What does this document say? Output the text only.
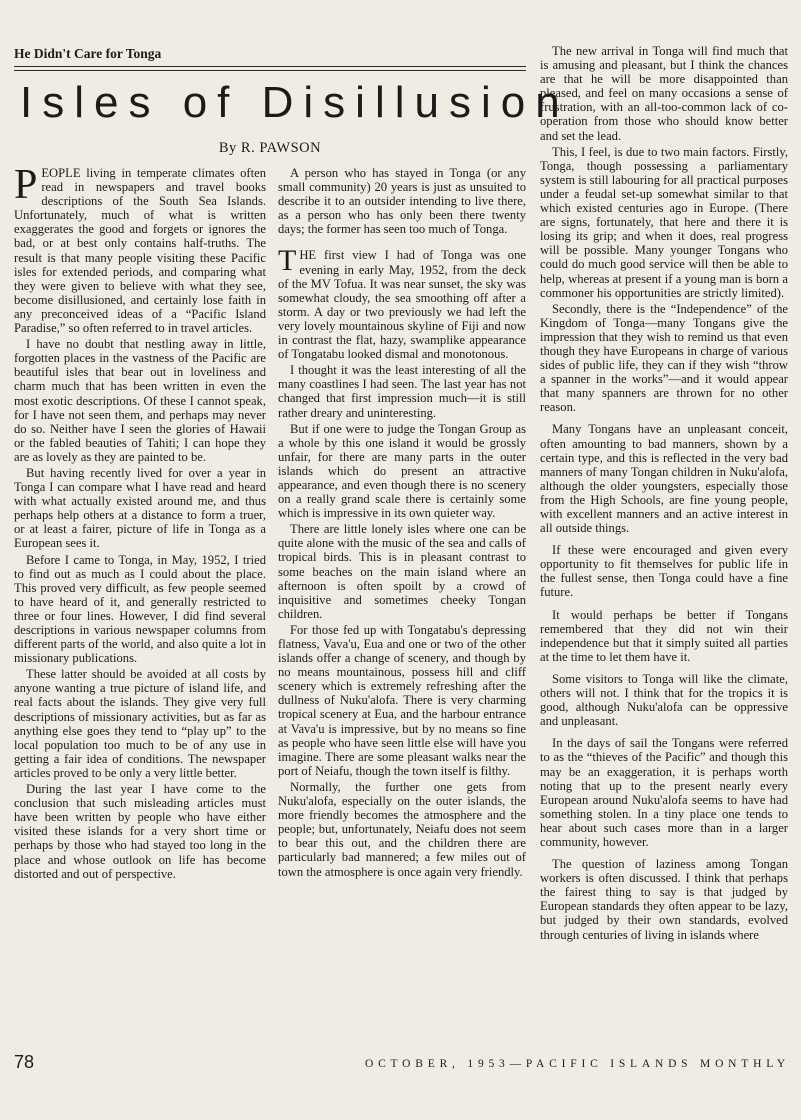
He Didn't Care for Tonga
Isles of Disillusion
By R. PAWSON

PEOPLE living in temperate climates often read in newspapers and travel books descriptions of the South Sea Islands. Unfortunately, much of what is written exaggerates the good and forgets or ignores the bad, or at best only contains half-truths. The result is that many people visiting these Pacific isles for extended periods, and comparing what they were given to believe with what they see, become disillusioned, and certainly lose faith in any preconceived ideas of a “Pacific Island Paradise,” so often referred to in travel articles.

I have no doubt that nestling away in little, forgotten places in the vastness of the Pacific are beautiful isles that bear out in loveliness and charm much that has been written in even the most exotic descriptions. Of these I cannot speak, for I have not seen them, and perhaps may never do so. Neither have I seen the glories of Hawaii or the fabled beauties of Tahiti; I can hope they are as lovely as they are painted to be.

But having recently lived for over a year in Tonga I can compare what I have read and heard with what actually existed around me, and thus perhaps help others at a distance to form a truer, or at least a fairer, picture of life in Tonga as a European sees it.

Before I came to Tonga, in May, 1952, I tried to find out as much as I could about the place. This proved very difficult, as few people seemed to have heard of it, and generally restricted to three or four lines. However, I did find several descriptions in various newspaper columns from different parts of the world, and also quite a lot in missionary publications.

These latter should be avoided at all costs by anyone wanting a true picture of island life, and real facts about the islands. They give very full descriptions of missionary activities, but as far as anything else goes they tend to “play up” to the local population too much to be of any use in getting a fair idea of conditions. The newspaper articles proved to be only a very little better.

During the last year I have come to the conclusion that such misleading articles must have been written by people who have either visited these islands for a very short time or perhaps by those who had stayed too long in the place and whose outlook on life has become distorted and out of perspective.

A person who has stayed in Tonga (or any small community) 20 years is just as unsuited to describe it to an outsider intending to live there, as a person who has only been there twenty days; the former has seen too much of Tonga.

THE first view I had of Tonga was one evening in early May, 1952, from the deck of the MV Tofua. It was near sunset, the sky was somewhat cloudy, the sea smoothing off after a storm. A day or two previously we had left the very lovely mountainous skyline of Fiji and now in contrast the flat, hazy, swamplike appearance of Tongatabu looked dismal and monotonous.

I thought it was the least interesting of all the many coastlines I had seen. The last year has not changed that first impression much—it is still rather dreary and uninteresting.

But if one were to judge the Tongan Group as a whole by this one island it would be grossly unfair, for there are many parts in the outer islands which do present an attractive appearance, and even though there is no scenery on a really grand scale there is certainly some which is impressive in its own quieter way.

There are little lonely isles where one can be quite alone with the music of the sea and calls of tropical birds. This is in pleasant contrast to some beaches on the main island where an afternoon is often spoilt by a crowd of inquisitive and sometimes cheeky Tongan children.

For those fed up with Tongatabu's depressing flatness, Vava'u, Eua and one or two of the other islands offer a change of scenery, and though by no means mountainous, possess hill and cliff scenery which is extremely refreshing after the dullness of Nuku'alofa. There is very charming tropical scenery at Eua, and the harbour entrance at Vava'u is impressive, but by no means so fine as people who have seen little else will have you imagine. There are some pleasant walks near the port of Neiafu, though the town itself is filthy.

Normally, the further one gets from Nuku'alofa, especially on the outer islands, the more friendly becomes the atmosphere and the people; but, unfortunately, Neiafu does not seem to bear this out, and the children there are particularly bad mannered; a few miles out of town the atmosphere is once again very friendly.

The new arrival in Tonga will find much that is amusing and pleasant, but I think the chances are that he will be more disappointed than pleased, and feel on many occasions a sense of frustration, with an all-too-common lack of co-operation from those who should know better and set the lead.

This, I feel, is due to two main factors. Firstly, Tonga, though possessing a parliamentary system is still labouring for all practical purposes under a feudal set-up somewhat similar to that which existed centuries ago in Europe. (There are signs, fortunately, that here and there it is losing its grip; and when it does, real progress will be possible. Many younger Tongans who could do much good service will then be able to help, whereas at present if a young man is born a commoner his opportunities are strictly limited).

Secondly, there is the “Independence” of the Kingdom of Tonga—many Tongans give the impression that they wish to remind us that even though they have Europeans in charge of various sides of public life, they can if they wish “throw a spanner in the works”—and it would appear that many spanners are thrown for no other reason.

Many Tongans have an unpleasant conceit, often amounting to bad manners, shown by a certain type, and this is reflected in the very bad manners of many Tongan children in Nuku'alofa, although the older youngsters, especially those from the High Schools, are fine young people, with excellent manners and an active interest in all outside things.

If these were encouraged and given every opportunity to fit themselves for public life in the fullest sense, then Tonga could have a fine future.

It would perhaps be better if Tongans remembered that they did not win their independence but that it simply suited all parties at the time to let them have it.

Some visitors to Tonga will like the climate, others will not. I think that for the tropics it is good, although Nuku'alofa can be oppressive and unpleasant.

In the days of sail the Tongans were referred to as the “thieves of the Pacific” and though this may be an exaggeration, it is perhaps worth noting that up to the present nearly every European around Nuku'alofa seems to have had something stolen. In a tiny place one tends to hear about such cases more than in a larger community, however.

The question of laziness among Tongan workers is often discussed. I think that perhaps the fairest thing to say is that judged by European standards they often appear to be lazy, but judged by their own standards, evolved through centuries of living in islands where

78	OCTOBER, 1953—PACIFIC ISLANDS MONTHLY
